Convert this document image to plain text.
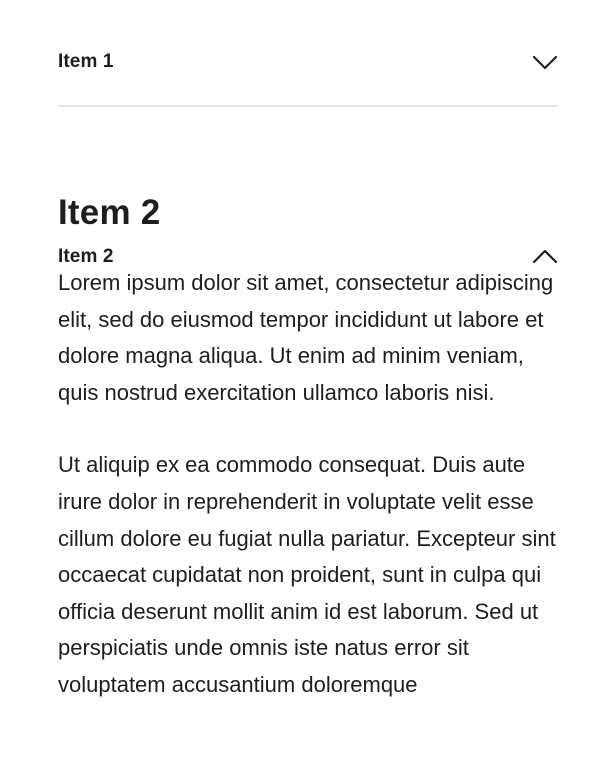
Item 1
Item 2
Item 2

Lorem ipsum dolor sit amet, consectetur adipiscing elit, sed do eiusmod tempor incididunt ut labore et dolore magna aliqua. Ut enim ad minim veniam, quis nostrud exercitation ullamco laboris nisi.

Ut aliquip ex ea commodo consequat. Duis aute irure dolor in reprehenderit in voluptate velit esse cillum dolore eu fugiat nulla pariatur. Excepteur sint occaecat cupidatat non proident, sunt in culpa qui officia deserunt mollit anim id est laborum. Sed ut perspiciatis unde omnis iste natus error sit voluptatem accusantium doloremque
